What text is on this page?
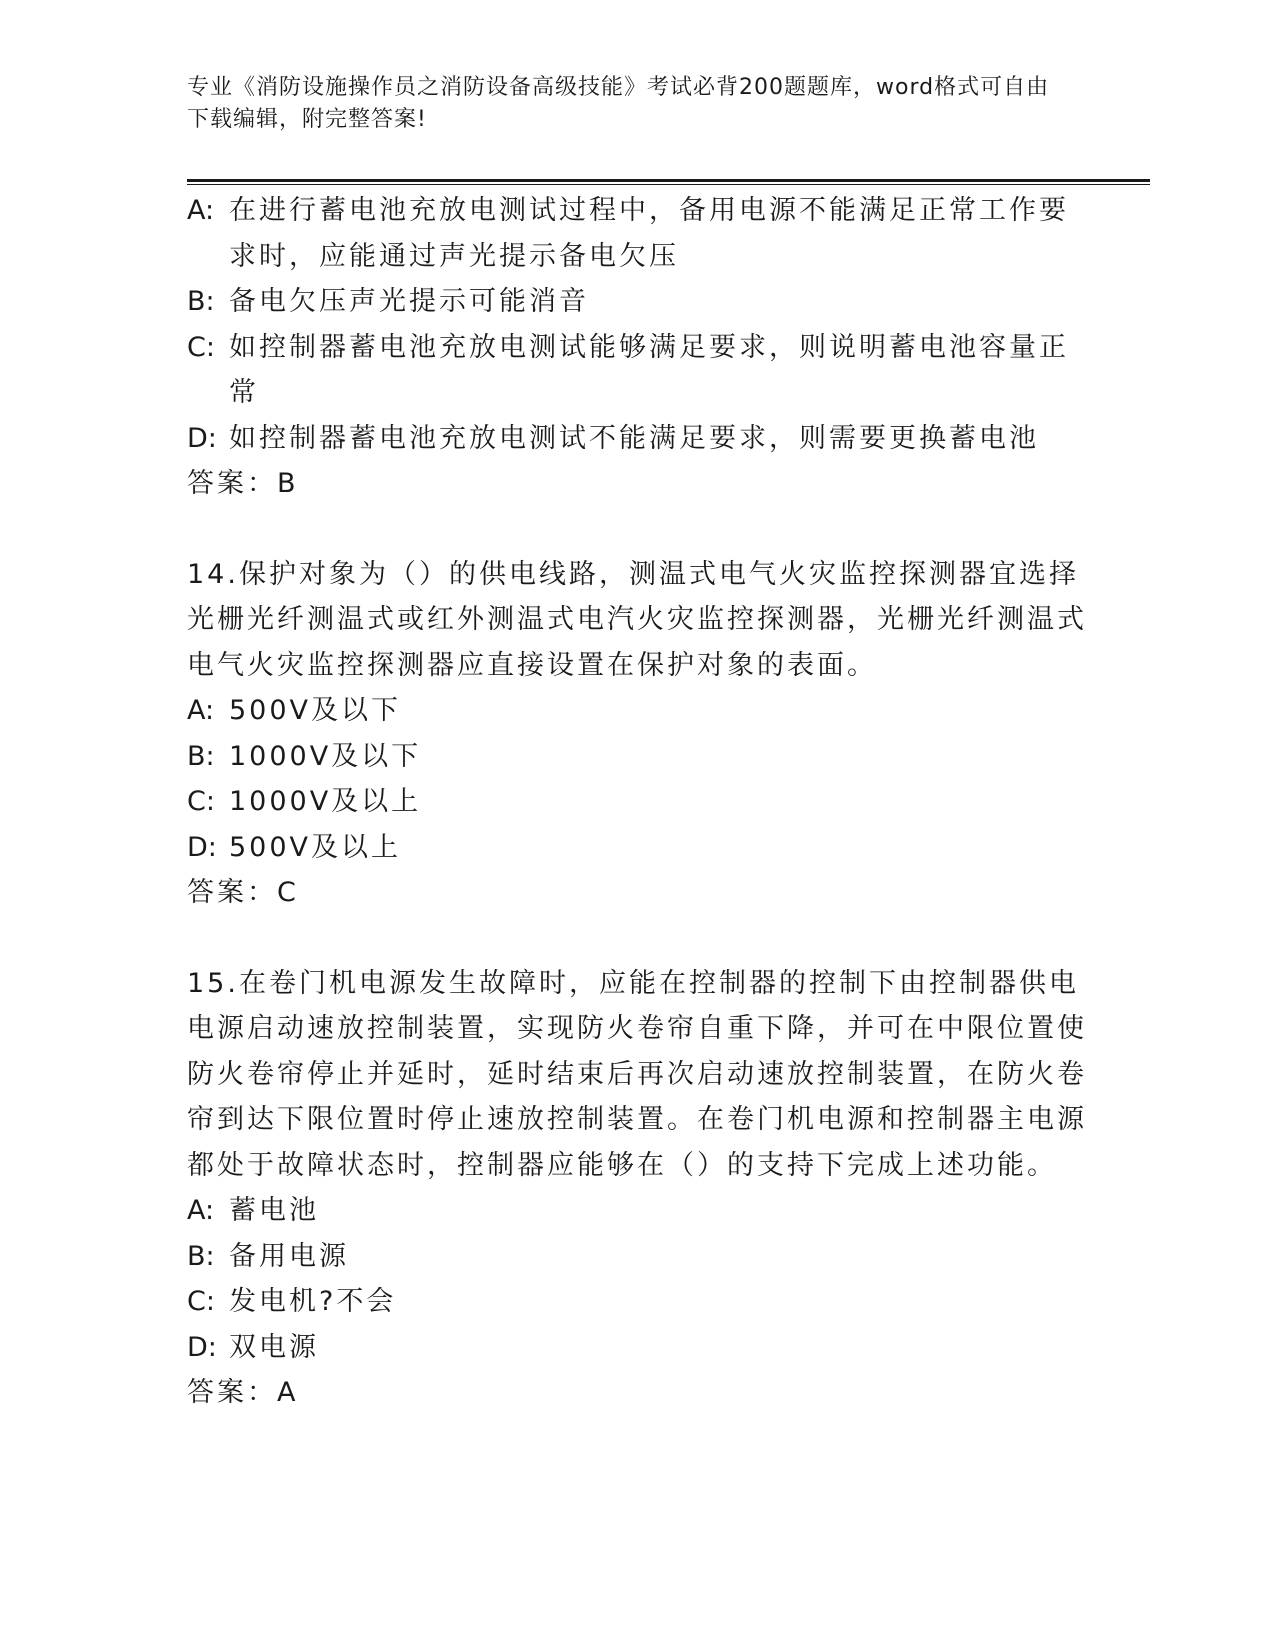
专业《消防设施操作员之消防设备高级技能》考试必背200题题库，word格式可自由下载编辑，附完整答案!
A: 在进行蓄电池充放电测试过程中，备用电源不能满足正常工作要求时，应能通过声光提示备电欠压
B: 备电欠压声光提示可能消音
C: 如控制器蓄电池充放电测试能够满足要求，则说明蓄电池容量正常
D: 如控制器蓄电池充放电测试不能满足要求，则需要更换蓄电池
答案：B
14.保护对象为（）的供电线路，测温式电气火灾监控探测器宜选择光栅光纤测温式或红外测温式电汽火灾监控探测器，光栅光纤测温式电气火灾监控探测器应直接设置在保护对象的表面。
A: 500V及以下
B: 1000V及以下
C: 1000V及以上
D: 500V及以上
答案：C
15.在卷门机电源发生故障时，应能在控制器的控制下由控制器供电电源启动速放控制装置，实现防火卷帘自重下降，并可在中限位置使防火卷帘停止并延时，延时结束后再次启动速放控制装置，在防火卷帘到达下限位置时停止速放控制装置。在卷门机电源和控制器主电源都处于故障状态时，控制器应能够在（）的支持下完成上述功能。
A: 蓄电池
B: 备用电源
C: 发电机?不会
D: 双电源
答案：A
